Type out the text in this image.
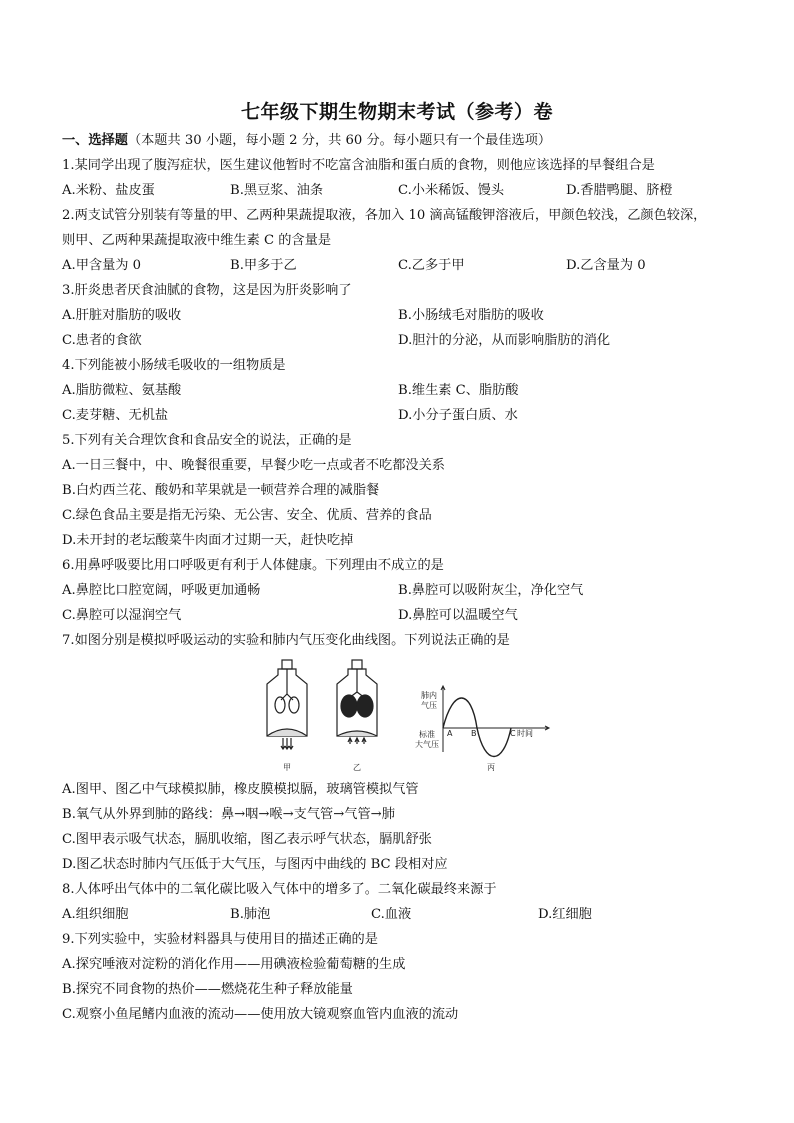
七年级下期生物期末考试（参考）卷
一、选择题（本题共 30 小题，每小题 2 分，共 60 分。每小题只有一个最佳选项）
1.某同学出现了腹泻症状，医生建议他暂时不吃富含油脂和蛋白质的食物，则他应该选择的早餐组合是
A.米粉、盐皮蛋	B.黑豆浆、油条	C.小米稀饭、馒头	D.香腊鸭腿、脐橙
2.两支试管分别装有等量的甲、乙两种果蔬提取液，各加入 10 滴高锰酸钾溶液后，甲颜色较浅，乙颜色较深，
则甲、乙两种果蔬提取液中维生素 C 的含量是
A.甲含量为 0	B.甲多于乙	C.乙多于甲	D.乙含量为 0
3.肝炎患者厌食油腻的食物，这是因为肝炎影响了
A.肝脏对脂肪的吸收	B.小肠绒毛对脂肪的吸收
C.患者的食欲	D.胆汁的分泌，从而影响脂肪的消化
4.下列能被小肠绒毛吸收的一组物质是
A.脂肪微粒、氨基酸	B.维生素 C、脂肪酸
C.麦芽糖、无机盐	D.小分子蛋白质、水
5.下列有关合理饮食和食品安全的说法，正确的是
A.一日三餐中，中、晚餐很重要，早餐少吃一点或者不吃都没关系
B.白灼西兰花、酸奶和苹果就是一顿营养合理的减脂餐
C.绿色食品主要是指无污染、无公害、安全、优质、营养的食品
D.未开封的老坛酸菜牛肉面才过期一天，赶快吃掉
6.用鼻呼吸要比用口呼吸更有利于人体健康。下列理由不成立的是
A.鼻腔比口腔宽阔，呼吸更加通畅	B.鼻腔可以吸附灰尘，净化空气
C.鼻腔可以湿润空气	D.鼻腔可以温暖空气
7.如图分别是模拟呼吸运动的实验和肺内气压变化曲线图。下列说法正确的是
肺内
气压
标准
大气压
A B	C 时间
甲	乙	丙
A.图甲、图乙中气球模拟肺，橡皮膜模拟膈，玻璃管模拟气管
B.氧气从外界到肺的路线：鼻→咽→喉→支气管→气管→肺
C.图甲表示吸气状态，膈肌收缩，图乙表示呼气状态，膈肌舒张
D.图乙状态时肺内气压低于大气压，与图丙中曲线的 BC 段相对应
8.人体呼出气体中的二氧化碳比吸入气体中的增多了。二氧化碳最终来源于
A.组织细胞	B.肺泡	C.血液	D.红细胞
9.下列实验中，实验材料器具与使用目的描述正确的是
A.探究唾液对淀粉的消化作用——用碘液检验葡萄糖的生成
B.探究不同食物的热价——燃烧花生种子释放能量
C.观察小鱼尾鳍内血液的流动——使用放大镜观察血管内血液的流动
